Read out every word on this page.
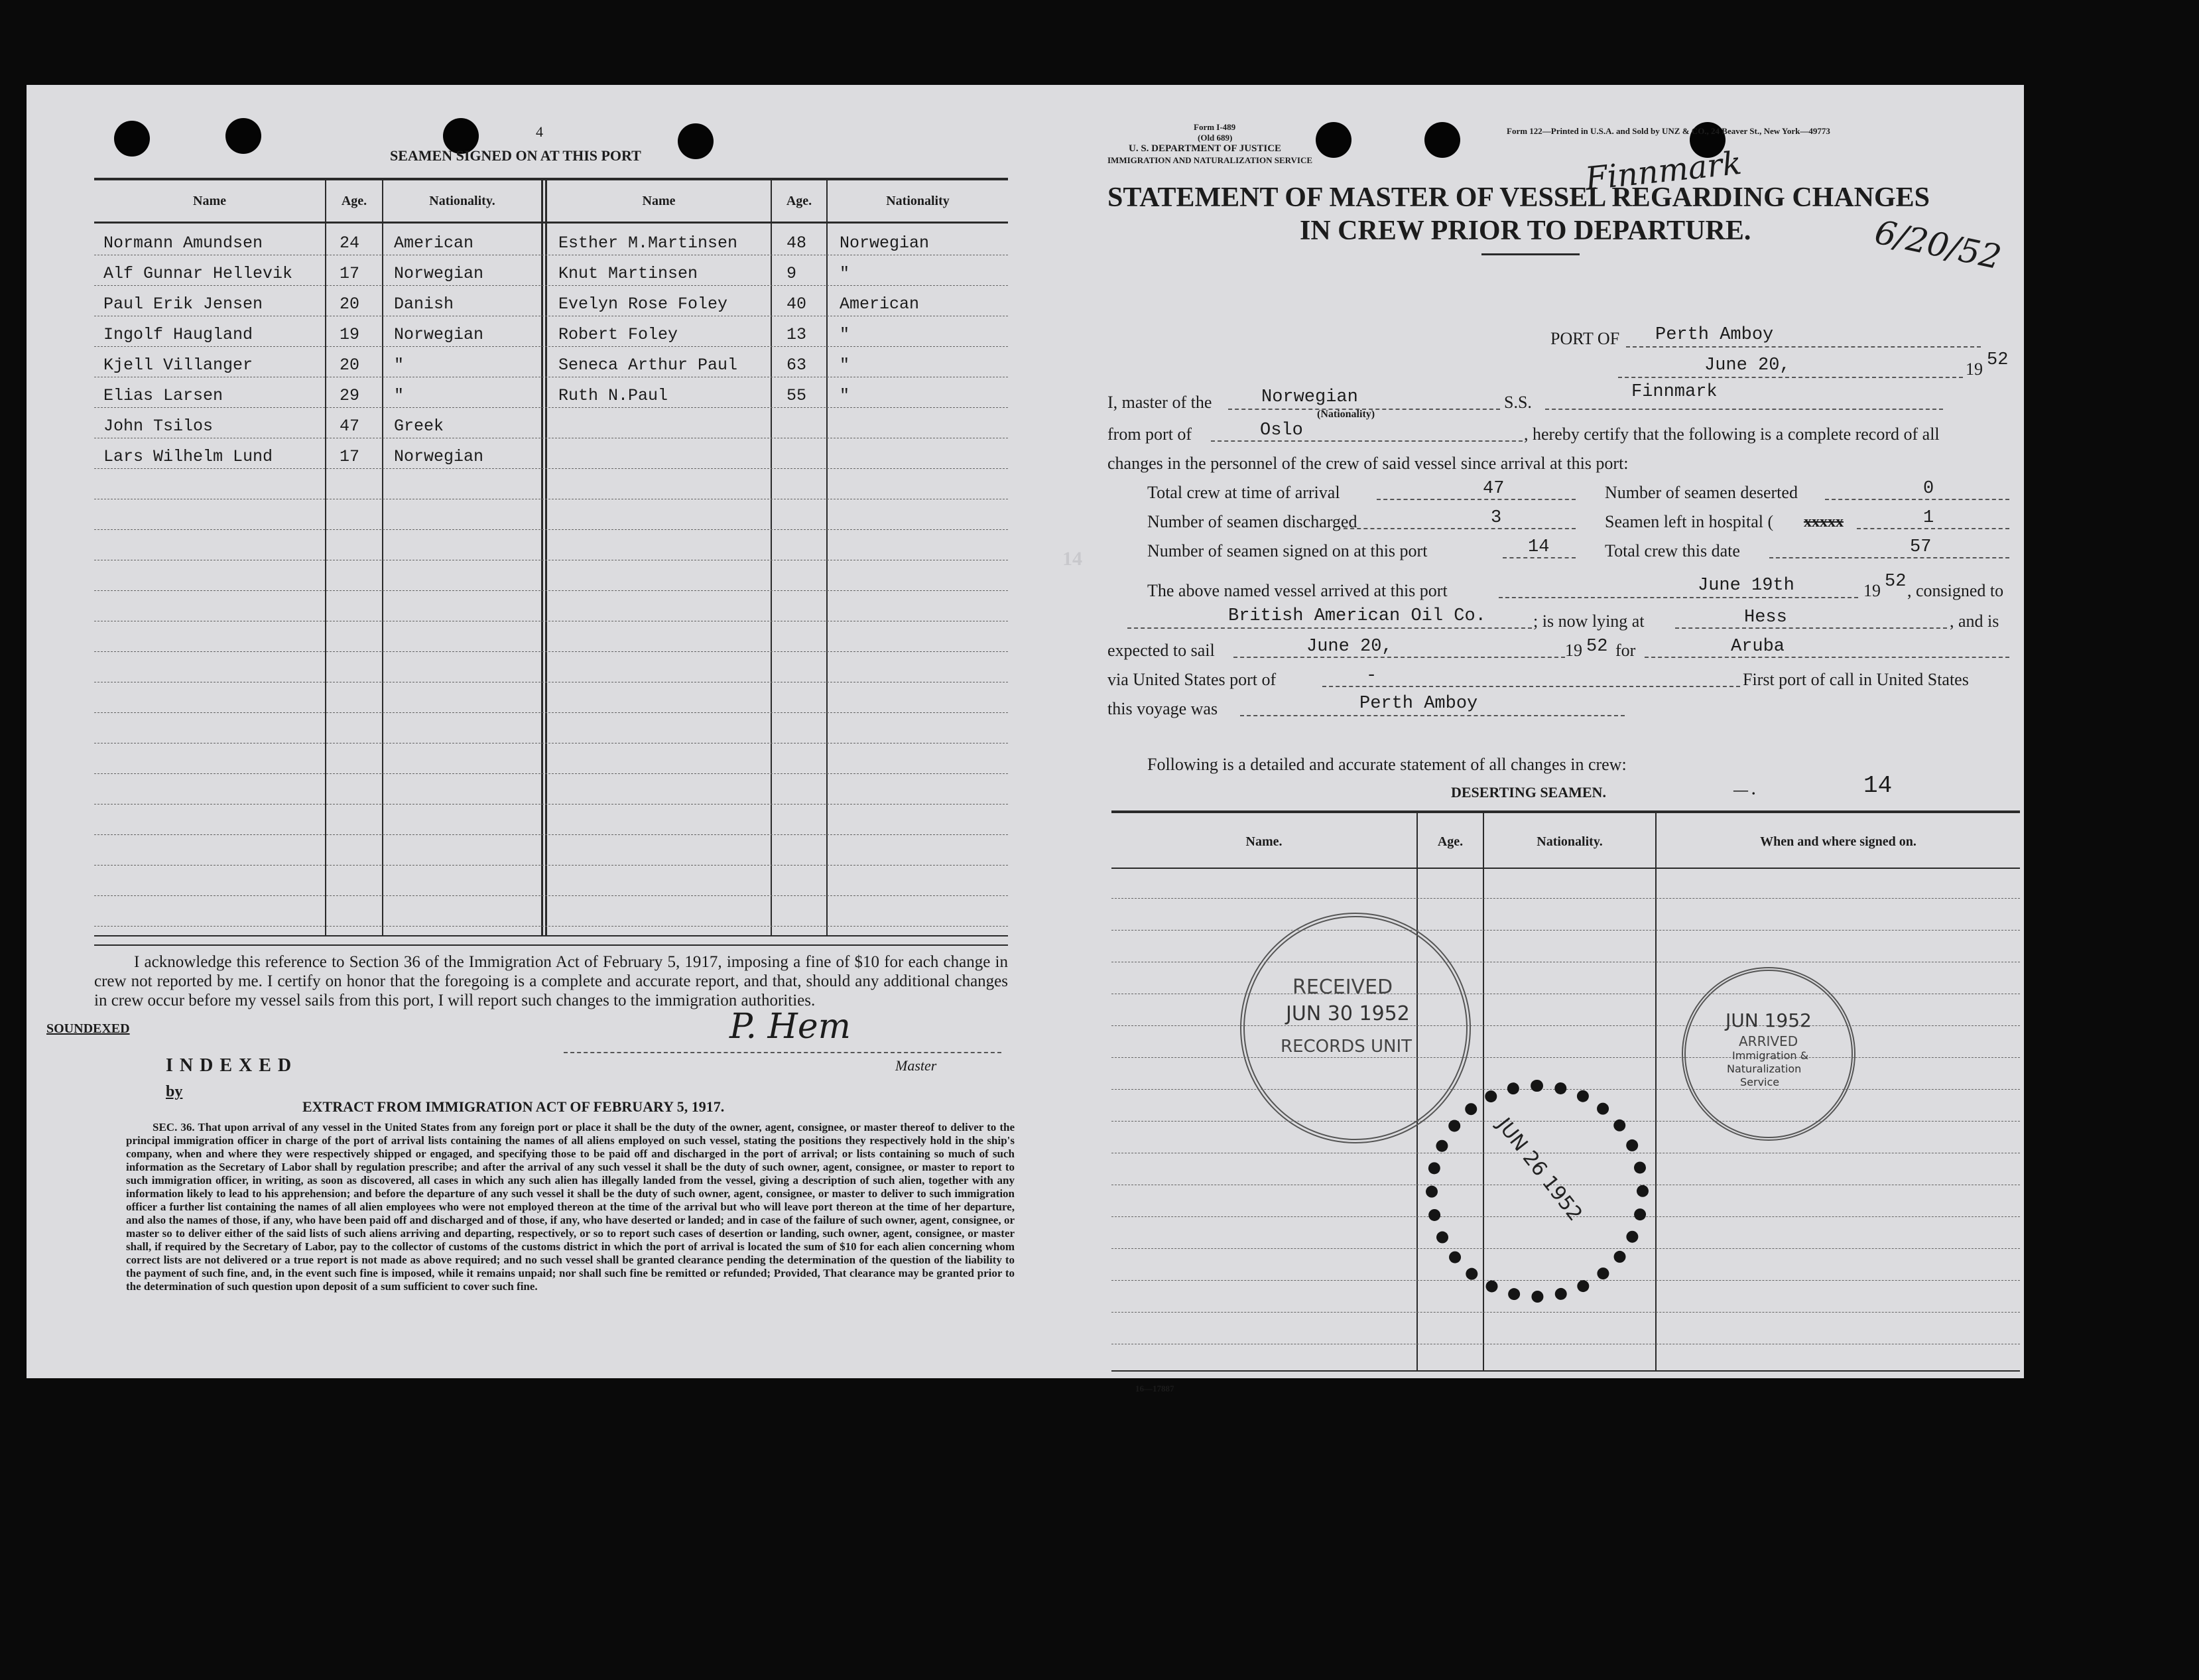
4
SEAMEN SIGNED ON AT THIS PORT
Name	Age.	Nationality.	Name	Age.	Nationality
Normann Amundsen	24 American
Alf Gunnar Hellevik	17 Norwegian
Paul Erik Jensen	20 Danish
Ingolf Haugland	19 Norwegian
Kjell Villanger	20 "
Elias Larsen	29 "
John Tsilos	47 Greek
Lars Wilhelm Lund	17 Norwegian
Esther M.Martinsen	48 Norwegian
Knut Martinsen	9	"
Evelyn Rose Foley	40 American
Robert Foley	13 "
Seneca Arthur Paul	63 "
Ruth N.Paul	55 "
I acknowledge this reference to Section 36 of the Immigration Act of February 5, 1917, imposing a fine of $10 for each change in crew not reported by me. I certify on honor that the foregoing is a complete and accurate report, and that, should any additional changes in crew occur before my vessel sails from this port, I will report such changes to the immigration authorities.
SOUNDEXED	P. Hem
Master
INDEXED
by
EXTRACT FROM IMMIGRATION ACT OF FEBRUARY 5, 1917.
SEC. 36. That upon arrival of any vessel in the United States from any foreign port or place it shall be the duty of the owner, agent, consignee, or master thereof to deliver to the principal immigration officer in charge of the port of arrival lists containing the names of all aliens employed on such vessel, stating the positions they respectively hold in the ship's company, when and where they were respectively shipped or engaged, and specifying those to be paid off and discharged in the port of arrival; or lists containing so much of such information as the Secretary of Labor shall by regulation prescribe; and after the arrival of any such vessel it shall be the duty of such owner, agent, consignee, or master to report to such immigration officer, in writing, as soon as discovered, all cases in which any such alien has illegally landed from the vessel, giving a description of such alien, together with any information likely to lead to his apprehension; and before the departure of any such vessel it shall be the duty of such owner, agent, consignee, or master to deliver to such immigration officer a further list containing the names of all alien employees who were not employed thereon at the time of the arrival but who will leave port thereon at the time of her departure, and also the names of those, if any, who have been paid off and discharged and of those, if any, who have deserted or landed; and in case of the failure of such owner, agent, consignee, or master so to deliver either of the said lists of such aliens arriving and departing, respectively, or so to report such cases of desertion or landing, such owner, agent, consignee, or master shall, if required by the Secretary of Labor, pay to the collector of customs of the customs district in which the port of arrival is located the sum of $10 for each alien concerning whom correct lists are not delivered or a true report is not made as above required; and no such vessel shall be granted clearance pending the determination of the question of the liability to the payment of such fine, and, in the event such fine is imposed, while it remains unpaid; nor shall such fine be remitted or refunded; Provided, That clearance may be granted prior to the determination of such question upon deposit of a sum sufficient to cover such fine.
Form I-489
(Old 689)
U. S. DEPARTMENT OF JUSTICE
IMMIGRATION AND NATURALIZATION SERVICE
Form 122—Printed in U.S.A. and Sold by UNZ & CO., 24 Beaver St., New York—49773
Finnmark
6/20/52
STATEMENT OF MASTER OF VESSEL REGARDING CHANGES
IN CREW PRIOR TO DEPARTURE.
PORT OF Perth Amboy
June 20,	19 52
I, master of the	Norwegian
(Nationality)
S.S.
Finnmark
from port of	Oslo	, hereby certify that the following is a complete record of all
changes in the personnel of the crew of said vessel since arrival at this port:
Total crew at time of arrival	47	Number of seamen deserted	0
Number of seamen discharged	3	Seamen left in hospital ( xxxxx	1
Number of seamen signed on at this port	14	Total crew this date	57
The above named vessel arrived at this port	June 19th	19 52 , consigned to
British American Oil Co.	; is now lying at	Hess	, and is
expected to sail	June 20,	19 52 for	Aruba
via United States port of	-	First port of call in United States
this voyage was	Perth Amboy
Following is a detailed and accurate statement of all changes in crew:
DESERTING SEAMEN.	— .	14
14
Name.	Age.	Nationality.	When and where signed on.
16—17887
RECEIVED
JUN 30 1952
RECORDS UNIT
JUN 1952
ARRIVED
Immigration &
Naturalization
Service
JUN 26 1952
